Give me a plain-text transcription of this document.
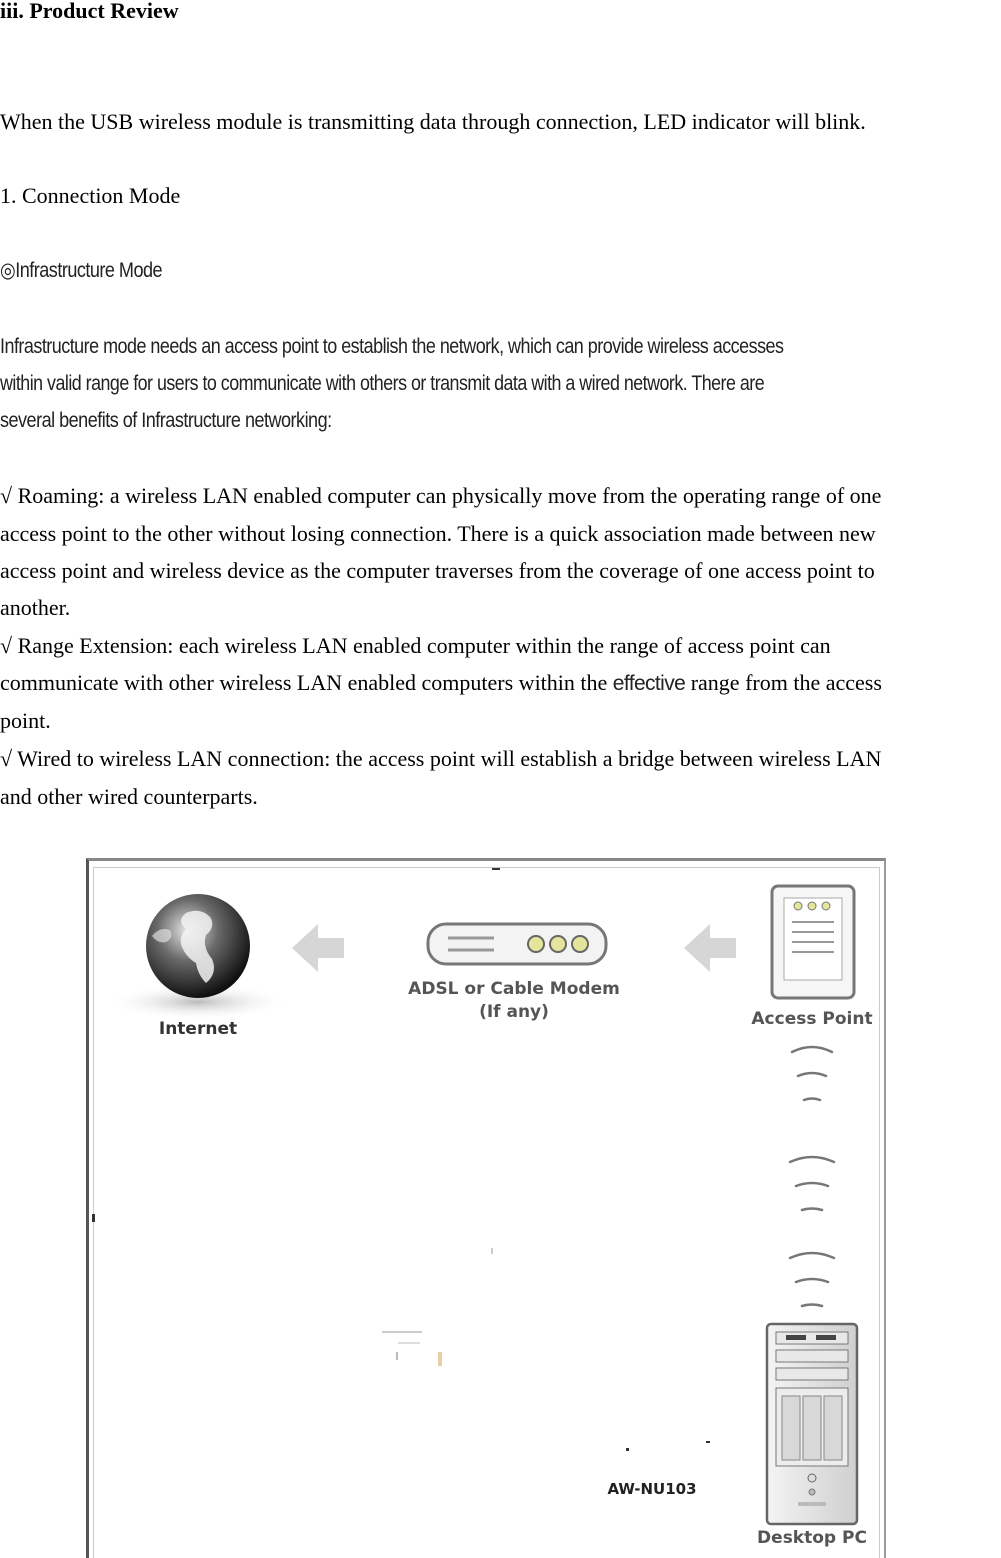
iii. Product Review
When the USB wireless module is transmitting data through connection, LED indicator will blink.
1. Connection Mode
◎Infrastructure Mode
Infrastructure mode needs an access point to establish the network, which can provide wireless accesses
within valid range for users to communicate with others or transmit data with a wired network. There are
several benefits of Infrastructure networking:
√ Roaming: a wireless LAN enabled computer can physically move from the operating range of one
access point to the other without losing connection. There is a quick association made between new
access point and wireless device as the computer traverses from the coverage of one access point to
another.
√ Range Extension: each wireless LAN enabled computer within the range of access point can
communicate with other wireless LAN enabled computers within the effective range from the access
point.
√ Wired to wireless LAN connection: the access point will establish a bridge between wireless LAN
and other wired counterparts.
Internet
ADSL or Cable Modem
(If any)	Access Point
Desktop PC
AW-NU103
